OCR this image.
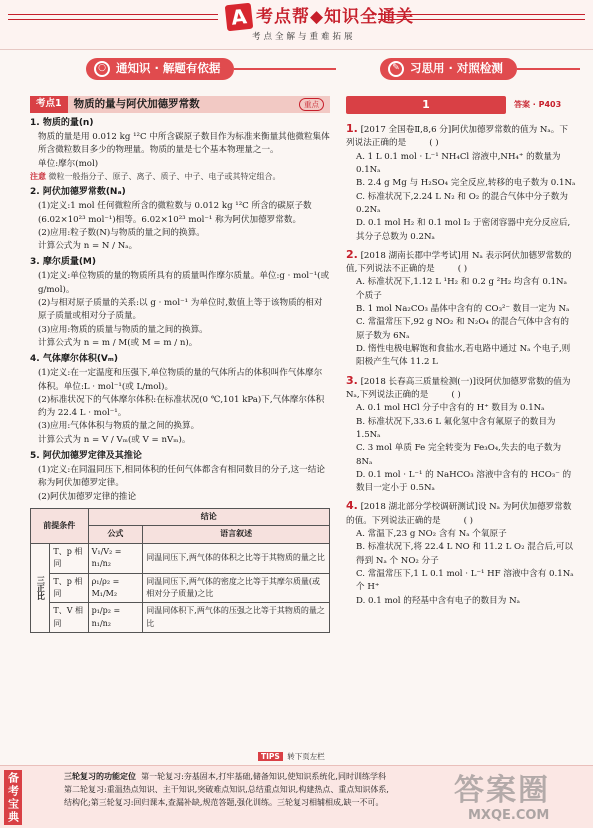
A 考点帮◆知识全通关
考点全解与重难拓展
○ 通知识 · 解题有依据	✎ 习思用 · 对照检测
考点1	物质的量与阿伏加德罗常数	重点
1. 物质的量(n)
物质的量是用 0.012 kg ¹²C 中所含碳原子数目作为标准来衡量其他微粒集体所含微粒数目多少的物理量。物质的量是七个基本物理量之一。
单位:摩尔(mol)
注意 微粒一般指分子、原子、离子、质子、中子、电子或其特定组合。
2. 阿伏加德罗常数(Nₐ)
(1)定义:1 mol 任何微粒所含的微粒数与 0.012 kg ¹²C 所含的碳原子数(6.02×10²³ mol⁻¹)相等。6.02×10²³ mol⁻¹ 称为阿伏加德罗常数。
(2)应用:粒子数(N)与物质的量之间的换算。
计算公式为 n = N / Nₐ。
3. 摩尔质量(M)
(1)定义:单位物质的量的物质所具有的质量叫作摩尔质量。单位:g · mol⁻¹(或 g/mol)。
(2)与相对原子质量的关系:以 g · mol⁻¹ 为单位时,数值上等于该物质的相对原子质量或相对分子质量。
(3)应用:物质的质量与物质的量之间的换算。
计算公式为 n = m / M(或 M = m / n)。
4. 气体摩尔体积(Vₘ)
(1)定义:在一定温度和压强下,单位物质的量的气体所占的体积叫作气体摩尔体积。单位:L · mol⁻¹(或 L/mol)。
(2)标准状况下的气体摩尔体积:在标准状况(0 ℃,101 kPa)下,气体摩尔体积约为 22.4 L · mol⁻¹。
(3)应用:气体体积与物质的量之间的换算。
计算公式为 n = V / Vₘ(或 V = nVₘ)。
5. 阿伏加德罗定律及其推论
(1)定义:在同温同压下,相同体积的任何气体都含有相同数目的分子,这一结论称为阿伏加德罗定律。
(2)阿伏加德罗定律的推论
前提条件		结论	
		公式	语言叙述
三正比	T、p 相同	V₁/V₂ = n₁/n₂	同温同压下,两气体的体积之比等于其物质的量之比
	T、p 相同	ρ₁/ρ₂ = M₁/M₂	同温同压下,两气体的密度之比等于其摩尔质量(或相对分子质量)之比
	T、V 相同	p₁/p₂ = n₁/n₂	同温同体积下,两气体的压强之比等于其物质的量之比
TIPS 转下页左栏
1	答案 · P403
1. [2017 全国卷Ⅱ,8,6 分]阿伏加德罗常数的值为 Nₐ。下列说法正确的是	( )
A. 1 L 0.1 mol · L⁻¹ NH₄Cl 溶液中,NH₄⁺ 的数量为 0.1Nₐ
B. 2.4 g Mg 与 H₂SO₄ 完全反应,转移的电子数为 0.1Nₐ
C. 标准状况下,2.24 L N₂ 和 O₂ 的混合气体中分子数为 0.2Nₐ
D. 0.1 mol H₂ 和 0.1 mol I₂ 于密闭容器中充分反应后,其分子总数为 0.2Nₐ
2. [2018 湖南长郡中学考试]用 Nₐ 表示阿伏加德罗常数的值,下列说法不正确的是	( )
A. 标准状况下,1.12 L ¹H₂ 和 0.2 g ²H₂ 均含有 0.1Nₐ 个质子
B. 1 mol Na₂CO₃ 晶体中含有的 CO₃²⁻ 数目一定为 Nₐ
C. 常温常压下,92 g NO₂ 和 N₂O₄ 的混合气体中含有的原子数为 6Nₐ
D. 惰性电极电解饱和食盐水,若电路中通过 Nₐ 个电子,则阳极产生气体 11.2 L
3. [2018 长春高三质量检测(一)]设阿伏加德罗常数的值为 Nₐ,下列说法正确的是	( )
A. 0.1 mol HCl 分子中含有的 H⁺ 数目为 0.1Nₐ
B. 标准状况下,33.6 L 氟化氢中含有氟原子的数目为 1.5Nₐ
C. 3 mol 单质 Fe 完全转变为 Fe₃O₄,失去的电子数为 8Nₐ
D. 0.1 mol · L⁻¹ 的 NaHCO₃ 溶液中含有的 HCO₃⁻ 的数目一定小于 0.5Nₐ
4. [2018 湖北部分学校调研测试]设 Nₐ 为阿伏加德罗常数的值。下列说法正确的是	( )
A. 常温下,23 g NO₂ 含有 Nₐ 个氧原子
B. 标准状况下,将 22.4 L NO 和 11.2 L O₂ 混合后,可以得到 Nₐ 个 NO₂ 分子
C. 常温常压下,1 L 0.1 mol · L⁻¹ HF 溶液中含有 0.1Nₐ 个 H⁺
D. 0.1 mol 的羟基中含有电子的数目为 Nₐ
备考宝典	三轮复习的功能定位 第一轮复习:夯基固本,打牢基础,储备知识,使知识系统化,同时训练学科
第二轮复习:重温热点知识、主干知识,突破难点知识,总结重点知识,构建热点、重点知识体系,
结构化;第三轮复习:回归课本,查漏补缺,规范答题,强化训练。三轮复习相辅相成,缺一不可。	答案圈
MXQE.COM
